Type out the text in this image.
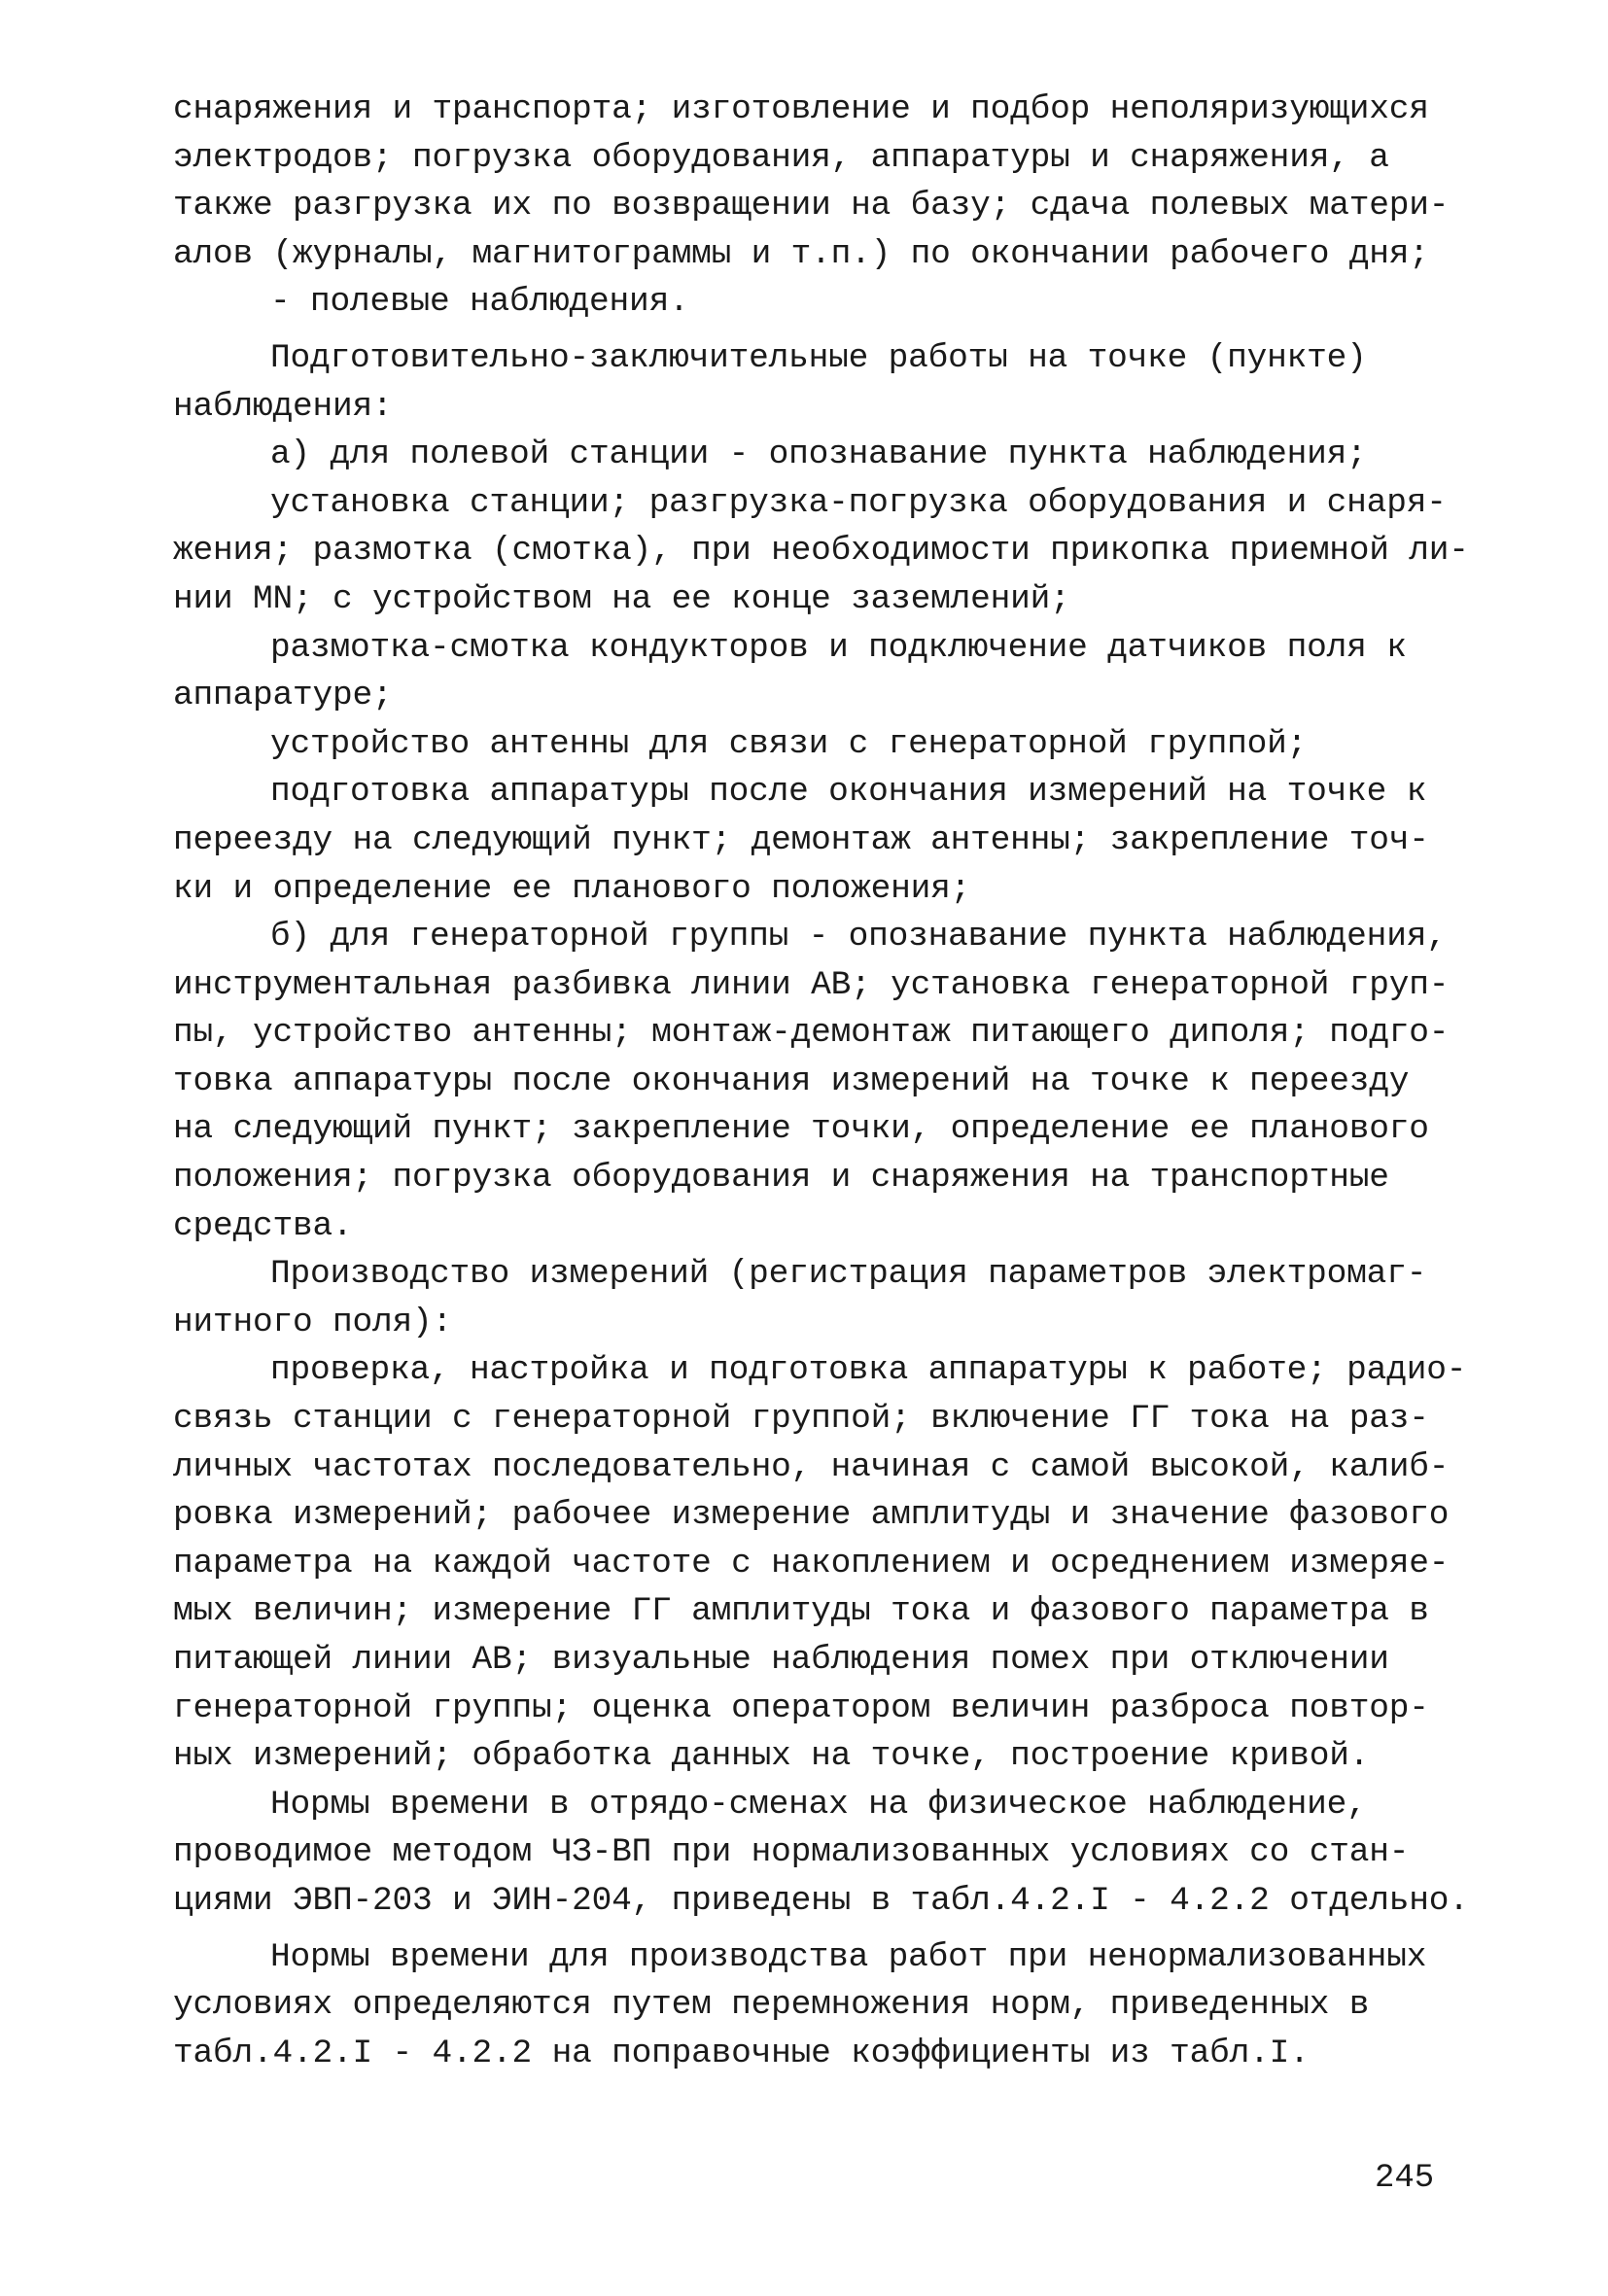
снаряжения и транспорта; изготовление и подбор неполяризующихся
электродов; погрузка оборудования, аппаратуры и снаряжения, а
также разгрузка их по возвращении на базу; сдача полевых матери-
алов (журналы, магнитограммы и т.п.) по окончании рабочего дня;
- полевые наблюдения.
Подготовительно-заключительные работы на точке (пункте)
наблюдения:
а) для полевой станции - опознавание пункта наблюдения;
установка станции; разгрузка-погрузка оборудования и снаря-
жения; размотка (смотка), при необходимости прикопка приемной ли-
нии MN; с устройством на ее конце заземлений;
размотка-смотка кондукторов и подключение датчиков поля к
аппаратуре;
устройство антенны для связи с генераторной группой;
подготовка аппаратуры после окончания измерений на точке к
переезду на следующий пункт; демонтаж антенны; закрепление точ-
ки и определение ее планового положения;
б) для генераторной группы - опознавание пункта наблюдения,
инструментальная разбивка линии АВ; установка генераторной груп-
пы, устройство антенны; монтаж-демонтаж питающего диполя; подго-
товка аппаратуры после окончания измерений на точке к переезду
на следующий пункт; закрепление точки, определение ее планового
положения; погрузка оборудования и снаряжения на транспортные
средства.
Производство измерений (регистрация параметров электромаг-
нитного поля):
проверка, настройка и подготовка аппаратуры к работе; радио-
связь станции с генераторной группой; включение ГГ тока на раз-
личных частотах последовательно, начиная с самой высокой, калиб-
ровка измерений; рабочее измерение амплитуды и значение фазового
параметра на каждой частоте с накоплением и осреднением измеряе-
мых величин; измерение ГГ амплитуды тока и фазового параметра в
питающей линии АВ; визуальные наблюдения помех при отключении
генераторной группы; оценка оператором величин разброса повтор-
ных измерений; обработка данных на точке, построение кривой.
Нормы времени в отрядо-сменах на физическое наблюдение,
проводимое методом ЧЗ-ВП при нормализованных условиях со стан-
циями ЭВП-203 и ЭИН-204, приведены в табл.4.2.I - 4.2.2 отдельно.
Нормы времени для производства работ при ненормализованных
условиях определяются путем перемножения норм, приведенных в
табл.4.2.I - 4.2.2 на поправочные коэффициенты из табл.I.
245
